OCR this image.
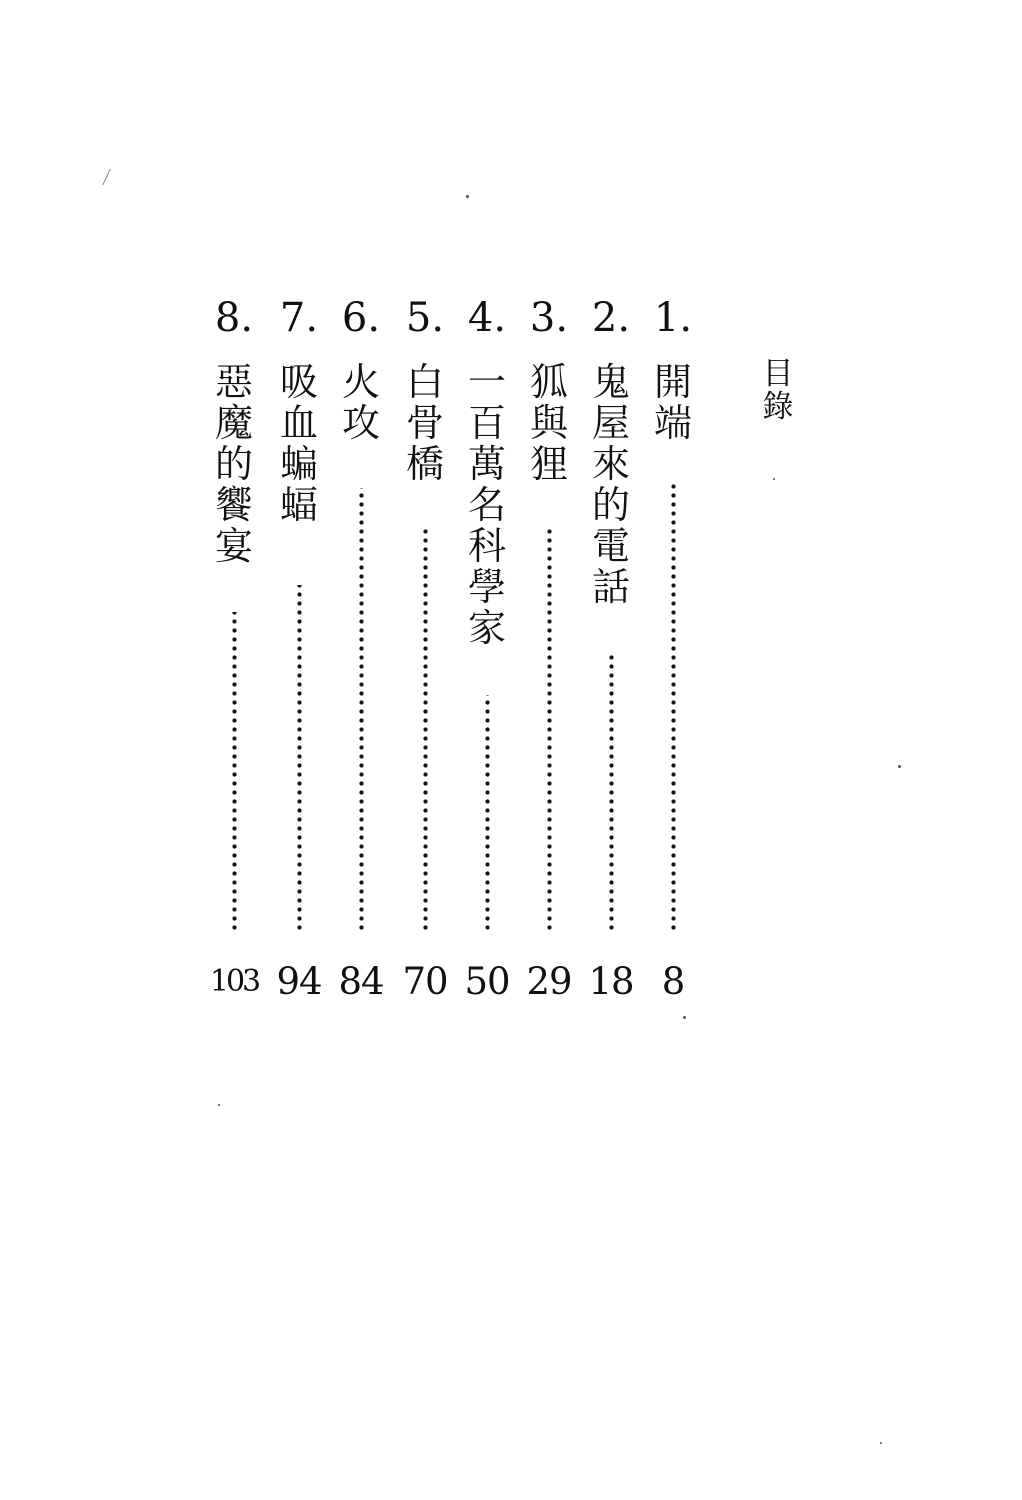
目
錄
1.
開
端
8
2.
鬼
屋
來
的
電
話
18
3.
狐
與
狸
29
4.
一
百
萬
名
科
學
家
50
5.
白
骨
橋
70
6.
火
攻
84
7.
吸
血
蝙
蝠
94
8.
惡
魔
的
饗
宴
103
